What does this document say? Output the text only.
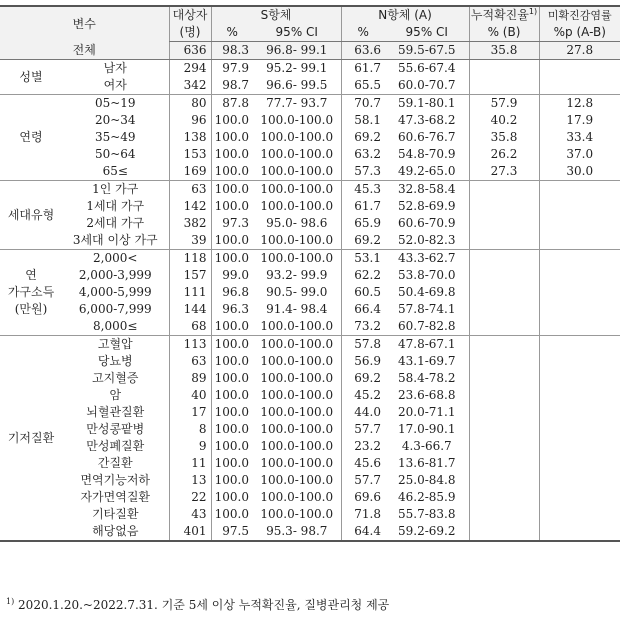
변수		대상자	S항체		N항체 (A)		누적확진율$^{1)}$	미확진감염률
		(명)	%	95% CI	%	95% CI	% (B)	%p (A-B)
전체		636	98.3	96.8- 99.1	63.6	59.5-67.5	35.8	27.8
성별	남자	294	97.9	95.2- 99.1	61.7	55.6-67.4		
	여자	342	98.7	96.6- 99.5	65.5	60.0-70.7		
연령	05~19	80	87.8	77.7- 93.7	70.7	59.1-80.1	57.9	12.8
	20~34	96	100.0	100.0-100.0	58.1	47.3-68.2	40.2	17.9
	35~49	138	100.0	100.0-100.0	69.2	60.6-76.7	35.8	33.4
	50~64	153	100.0	100.0-100.0	63.2	54.8-70.9	26.2	37.0
	65≤	169	100.0	100.0-100.0	57.3	49.2-65.0	27.3	30.0
세대유형	1인 가구	63	100.0	100.0-100.0	45.3	32.8-58.4		
	1세대 가구	142	100.0	100.0-100.0	61.7	52.8-69.9		
	2세대 가구	382	97.3	95.0- 98.6	65.9	60.6-70.9		
	3세대 이상 가구	39	100.0	100.0-100.0	69.2	52.0-82.3		
연
가구소득
(만원)	2,000<	118	100.0	100.0-100.0	53.1	43.3-62.7		
	2,000-3,999	157	99.0	93.2- 99.9	62.2	53.8-70.0		
	4,000-5,999	111	96.8	90.5- 99.0	60.5	50.4-69.8		
	6,000-7,999	144	96.3	91.4- 98.4	66.4	57.8-74.1		
	8,000≤	68	100.0	100.0-100.0	73.2	60.7-82.8		
기저질환	고혈압	113	100.0	100.0-100.0	57.8	47.8-67.1		
	당뇨병	63	100.0	100.0-100.0	56.9	43.1-69.7		
	고지혈증	89	100.0	100.0-100.0	69.2	58.4-78.2		
	암	40	100.0	100.0-100.0	45.2	23.6-68.8		
	뇌혈관질환	17	100.0	100.0-100.0	44.0	20.0-71.1		
	만성콩팥병	8	100.0	100.0-100.0	57.7	17.0-90.1		
	만성폐질환	9	100.0	100.0-100.0	23.2	4.3-66.7		
	간질환	11	100.0	100.0-100.0	45.6	13.6-81.7		
	면역기능저하	13	100.0	100.0-100.0	57.7	25.0-84.8		
	자가면역질환	22	100.0	100.0-100.0	69.6	46.2-85.9		
	기타질환	43	100.0	100.0-100.0	71.8	55.7-83.8		
	해당없음	401	97.5	95.3- 98.7	64.4	59.2-69.2		
$^{1)}$ 2020.1.20.~2022.7.31. 기준 5세 이상 누적확진율, 질병관리청 제공
